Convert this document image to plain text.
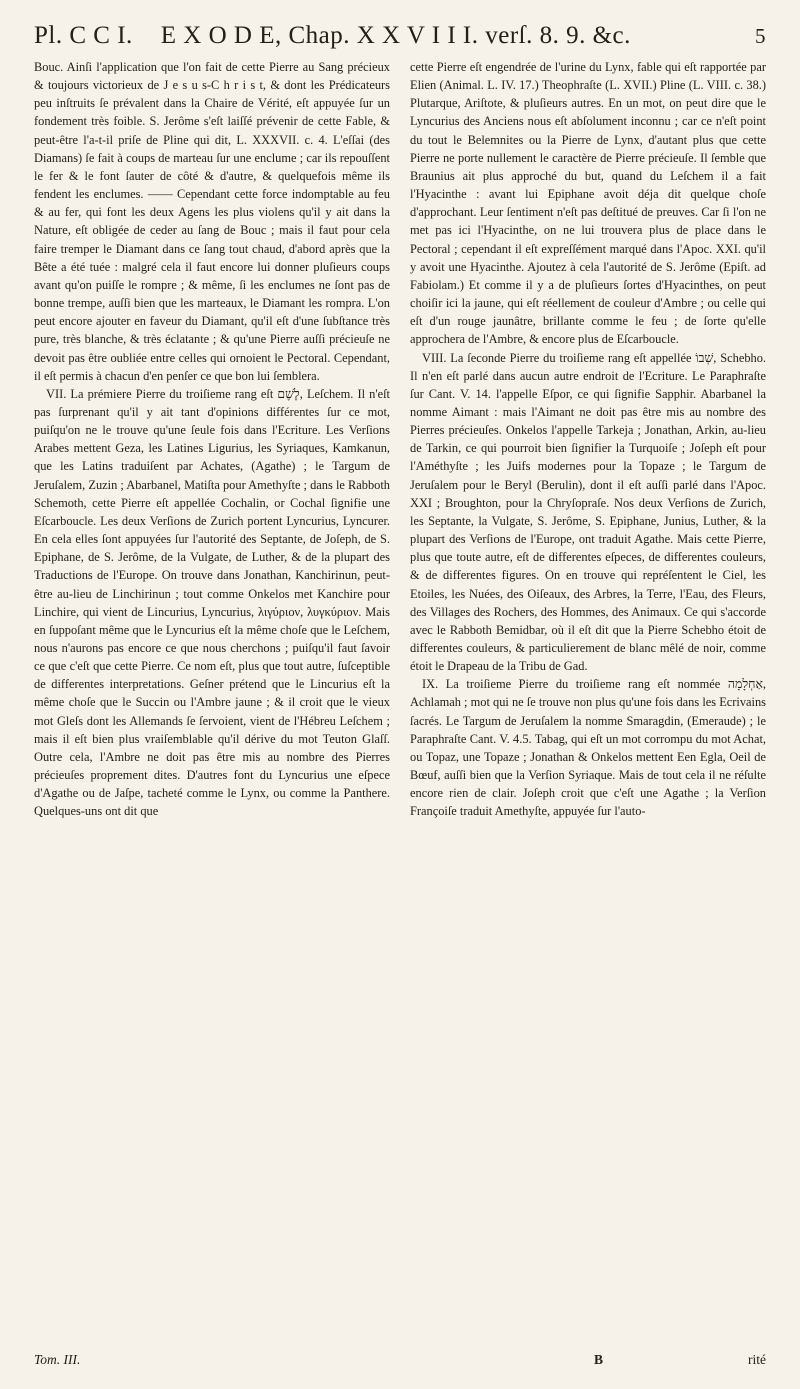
Pl. C C I. E X O D E, Chap. X X V I I I. verſ. 8. 9. &c.	5

Bouc. Ainſi l'application que l'on fait de cette Pierre au Sang précieux & toujours victorieux de J e s u s-C h r i s t, & dont les Prédicateurs peu inſtruits ſe prévalent dans la Chaire de Vérité, eſt appuyée ſur un fondement très foible. S. Jerôme s'eſt laiſſé prévenir de cette Fable, & peut-être l'a-t-il priſe de Pline qui dit, L. XXXVII. c. 4. L'eſſai (des Diamans) ſe fait à coups de marteau ſur une enclume ; car ils repouſſent le fer & le font ſauter de côté & d'autre, & quelquefois même ils fendent les enclumes. —— Cependant cette force indomptable au feu & au fer, qui font les deux Agens les plus violens qu'il y ait dans la Nature, eſt obligée de ceder au ſang de Bouc ; mais il faut pour cela faire tremper le Diamant dans ce ſang tout chaud, d'abord après que la Bête a été tuée : malgré cela il faut encore lui donner pluſieurs coups avant qu'on puiſſe le rompre ; & même, ſi les enclumes ne ſont pas de bonne trempe, auſſi bien que les marteaux, le Diamant les rompra. L'on peut encore ajouter en faveur du Diamant, qu'il eſt d'une ſubſtance très pure, très blanche, & très éclatante ; & qu'une Pierre auſſi précieuſe ne devoit pas être oubliée entre celles qui ornoient le Pectoral. Cependant, il eſt permis à chacun d'en penſer ce que bon lui ſemblera.

VII. La prémiere Pierre du troiſieme rang eſt לֶשֶׁם, Leſchem. Il n'eſt pas ſurprenant qu'il y ait tant d'opinions différentes ſur ce mot, puiſqu'on ne le trouve qu'une ſeule fois dans l'Ecriture. Les Verſions Arabes mettent Geza, les Latines Ligurius, les Syriaques, Kamkanun, que les Latins traduiſent par Achates, (Agathe) ; le Targum de Jeruſalem, Zuzin ; Abarbanel, Matiſta pour Amethyſte ; dans le Rabboth Schemoth, cette Pierre eſt appellée Cochalin, or Cochal ſignifie une Eſcarboucle. Les deux Verſions de Zurich portent Lyncurius, Lyncurer. En cela elles ſont appuyées ſur l'autorité des Septante, de Joſeph, de S. Epiphane, de S. Jerôme, de la Vulgate, de Luther, & de la plupart des Traductions de l'Europe. On trouve dans Jonathan, Kanchirinun, peut-être au-lieu de Linchirinun ; tout comme Onkelos met Kanchire pour Linchire, qui vient de Lincurius, Lyncurius, λιγύριον, λυγκύριον. Mais en ſuppoſant même que le Lyncurius eſt la même choſe que le Leſchem, nous n'aurons pas encore ce que nous cherchons ; puiſqu'il faut ſavoir ce que c'eſt que cette Pierre. Ce nom eſt, plus que tout autre, ſuſceptible de differentes interpretations. Geſner prétend que le Lincurius eſt la même choſe que le Succin ou l'Ambre jaune ; & il croit que le vieux mot Gleſs dont les Allemands ſe ſervoient, vient de l'Hébreu Leſchem ; mais il eſt bien plus vraiſemblable qu'il dérive du mot Teuton Glaſſ. Outre cela, l'Ambre ne doit pas être mis au nombre des Pierres précieuſes proprement dites. D'autres font du Lyncurius une eſpece d'Agathe ou de Jaſpe, tacheté comme le Lynx, ou comme la Panthere. Quelques-uns ont dit que

cette Pierre eſt engendrée de l'urine du Lynx, fable qui eſt rapportée par Elien (Animal. L. IV. 17.) Theophraſte (L. XVII.) Pline (L. VIII. c. 38.) Plutarque, Ariſtote, & pluſieurs autres. En un mot, on peut dire que le Lyncurius des Anciens nous eſt abſolument inconnu ; car ce n'eſt point du tout le Belemnites ou la Pierre de Lynx, d'autant plus que cette Pierre ne porte nullement le caractère de Pierre précieuſe. Il ſemble que Braunius ait plus approché du but, quand du Leſchem il a fait l'Hyacinthe : avant lui Epiphane avoit déja dit quelque choſe d'approchant. Leur ſentiment n'eſt pas deſtitué de preuves. Car ſi l'on ne met pas ici l'Hyacinthe, on ne lui trouvera plus de place dans le Pectoral ; cependant il eſt expreſſément marqué dans l'Apoc. XXI. qu'il y avoit une Hyacinthe. Ajoutez à cela l'autorité de S. Jerôme (Epiſt. ad Fabiolam.) Et comme il y a de pluſieurs ſortes d'Hyacinthes, on peut choiſir ici la jaune, qui eſt réellement de couleur d'Ambre ; ou celle qui eſt d'un rouge jaunâtre, brillante comme le feu ; de ſorte qu'elle approchera de l'Ambre, & encore plus de Eſcarboucle.

VIII. La ſeconde Pierre du troiſieme rang eſt appellée שְׁבוֹ, Schebho. Il n'en eſt parlé dans aucun autre endroit de l'Ecriture. Le Paraphraſte ſur Cant. V. 14. l'appelle Eſpor, ce qui ſignifie Sapphir. Abarbanel la nomme Aimant : mais l'Aimant ne doit pas être mis au nombre des Pierres précieuſes. Onkelos l'appelle Tarkeja ; Jonathan, Arkin, au-lieu de Tarkin, ce qui pourroit bien ſignifier la Turquoiſe ; Joſeph eſt pour l'Améthyſte ; les Juifs modernes pour la Topaze ; le Targum de Jeruſalem pour le Beryl (Berulin), dont il eſt auſſi parlé dans l'Apoc. XXI ; Broughton, pour la Chryſopraſe. Nos deux Verſions de Zurich, les Septante, la Vulgate, S. Jerôme, S. Epiphane, Junius, Luther, & la plupart des Verſions de l'Europe, ont traduit Agathe. Mais cette Pierre, plus que toute autre, eſt de differentes eſpeces, de differentes couleurs, & de differentes figures. On en trouve qui repréſentent le Ciel, les Etoiles, les Nuées, des Oiſeaux, des Arbres, la Terre, l'Eau, des Fleurs, des Villages des Rochers, des Hommes, des Animaux. Ce qui s'accorde avec le Rabboth Bemidbar, où il eſt dit que la Pierre Schebho étoit de differentes couleurs, & particulierement de blanc mêlé de noir, comme étoit le Drapeau de la Tribu de Gad.

IX. La troiſieme Pierre du troiſieme rang eſt nommée אַחְלָמָה, Achlamah ; mot qui ne ſe trouve non plus qu'une fois dans les Ecrivains ſacrés. Le Targum de Jeruſalem la nomme Smaragdin, (Emeraude) ; le Paraphraſte Cant. V. 4.5. Tabag, qui eſt un mot corrompu du mot Achat, ou Topaz, une Topaze ; Jonathan & Onkelos mettent Een Egla, Oeil de Bœuf, auſſi bien que la Verſion Syriaque. Mais de tout cela il ne réſulte encore rien de clair. Joſeph croit que c'eſt une Agathe ; la Verſion Françoiſe traduit Amethyſte, appuyée ſur l'auto-

Tom. III.	B	rité
